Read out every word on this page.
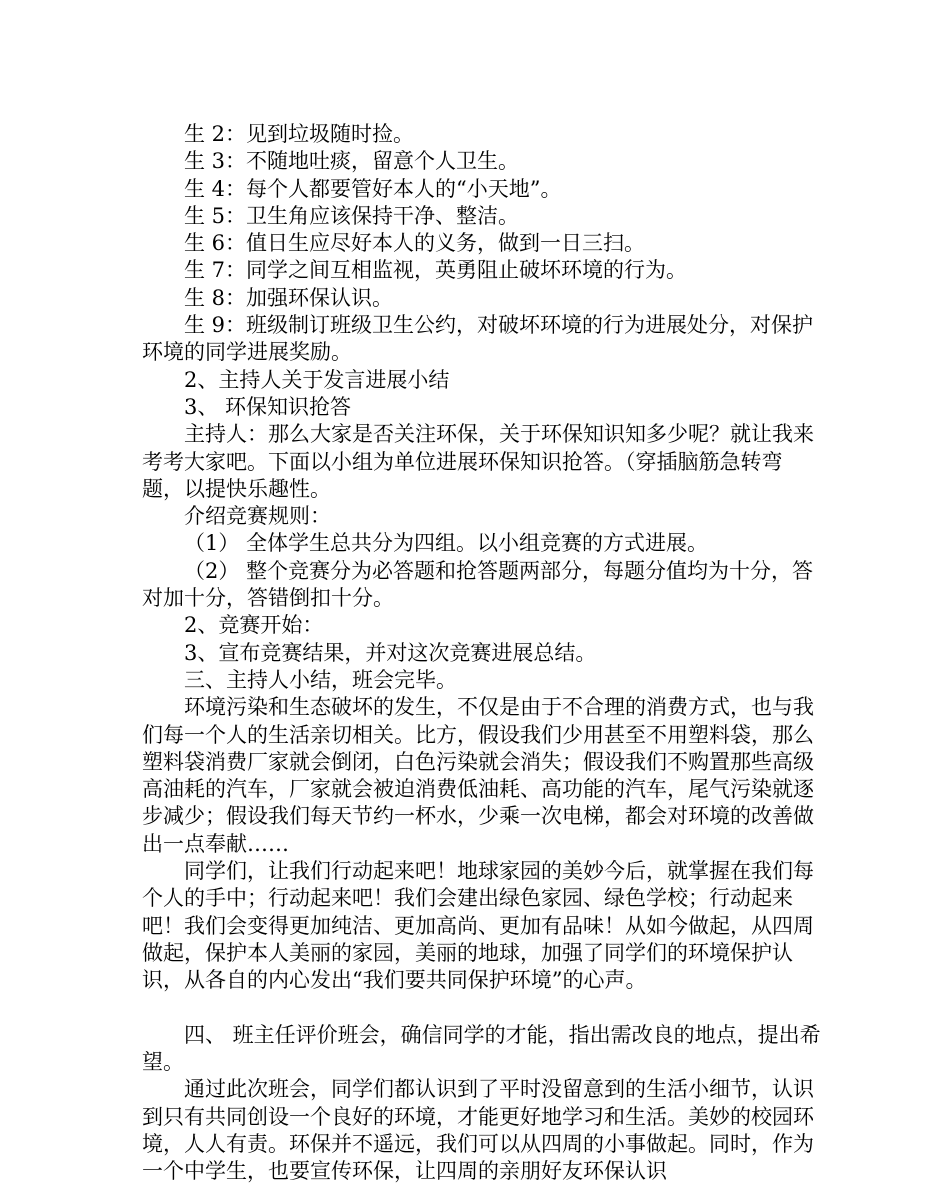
生 2：见到垃圾随时捡。

生 3：不随地吐痰，留意个人卫生。

生 4：每个人都要管好本人的“小天地”。

生 5：卫生角应该保持干净、整洁。

生 6：值日生应尽好本人的义务，做到一日三扫。

生 7：同学之间互相监视，英勇阻止破坏环境的行为。

生 8：加强环保认识。

生 9：班级制订班级卫生公约，对破坏环境的行为进展处分，对保护环境的同学进展奖励。

2、主持人关于发言进展小结

3、 环保知识抢答

主持人：那么大家是否关注环保，关于环保知识知多少呢？就让我来考考大家吧。下面以小组为单位进展环保知识抢答。（穿插脑筋急转弯题，以提快乐趣性。

介绍竞赛规则：

（1） 全体学生总共分为四组。以小组竞赛的方式进展。

（2） 整个竞赛分为必答题和抢答题两部分，每题分值均为十分，答对加十分，答错倒扣十分。

2、竞赛开始：

3、宣布竞赛结果，并对这次竞赛进展总结。

三、主持人小结，班会完毕。

环境污染和生态破坏的发生，不仅是由于不合理的消费方式，也与我们每一个人的生活亲切相关。比方，假设我们少用甚至不用塑料袋，那么塑料袋消费厂家就会倒闭，白色污染就会消失；假设我们不购置那些高级高油耗的汽车，厂家就会被迫消费低油耗、高功能的汽车，尾气污染就逐步减少；假设我们每天节约一杯水，少乘一次电梯，都会对环境的改善做出一点奉献……

同学们，让我们行动起来吧！地球家园的美妙今后，就掌握在我们每个人的手中；行动起来吧！我们会建出绿色家园、绿色学校；行动起来吧！我们会变得更加纯洁、更加高尚、更加有品味！从如今做起，从四周做起，保护本人美丽的家园，美丽的地球，加强了同学们的环境保护认识，从各自的内心发出“我们要共同保护环境”的心声。

四、 班主任评价班会，确信同学的才能，指出需改良的地点，提出希望。

通过此次班会，同学们都认识到了平时没留意到的生活小细节，认识到只有共同创设一个良好的环境，才能更好地学习和生活。美妙的校园环境，人人有责。环保并不遥远，我们可以从四周的小事做起。同时，作为一个中学生，也要宣传环保，让四周的亲朋好友环保认识
